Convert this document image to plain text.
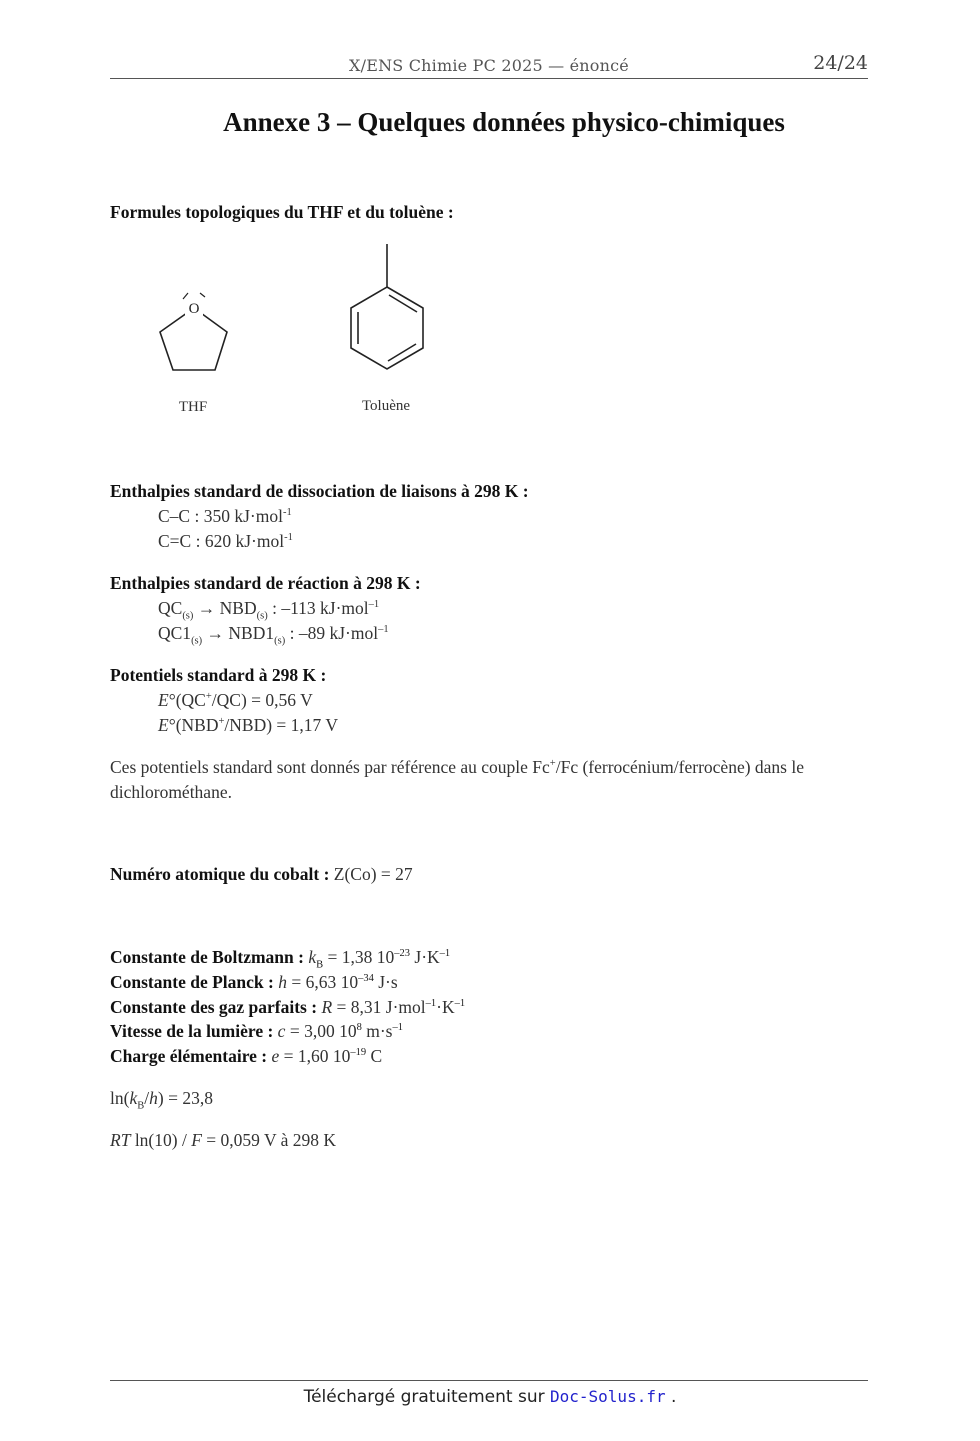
X/ENS Chimie PC 2025 — énoncé	24/24
Annexe 3 – Quelques données physico-chimiques
Formules topologiques du THF et du toluène :
O
THF	Toluène
Enthalpies standard de dissociation de liaisons à 298 K :
C–C : 350 kJ·mol$^{-1}$
C=C : 620 kJ·mol$^{-1}$
Enthalpies standard de réaction à 298 K :
$QC_{(s)} \to NBD_{(s)}$ : –113 kJ·mol$^{-1}$
$QC1_{(s)} \to NBD1_{(s)}$ : –89 kJ·mol$^{-1}$
Potentiels standard à 298 K :
E°(QC+/QC) = 0,56 V
E°(NBD+/NBD) = 1,17 V
Ces potentiels standard sont donnés par référence au couple Fc+/Fc (ferrocénium/ferrocène) dans le dichlorométhane.
Numéro atomique du cobalt : Z(Co) = 27
Constante de Boltzmann : $k_B = 1,38$ $10^{-23}$ $J\cdot K^{-1}$
Constante de Planck : h = 6,63 $10^{-34}$ J·s
Constante des gaz parfaits : R = 8,31 $J\cdot mol^{-1}\cdot K^{-1}$
Vitesse de la lumière : c = 3,00 $10^8$ $m\cdot s^{-1}$
Charge élémentaire : e = 1,60 $10^{-19}$ C
$\ln(k_B/h) = 23,8$
RT ln(10) / F = 0,059 V à 298 K
Téléchargé gratuitement sur Doc-Solus.fr .
